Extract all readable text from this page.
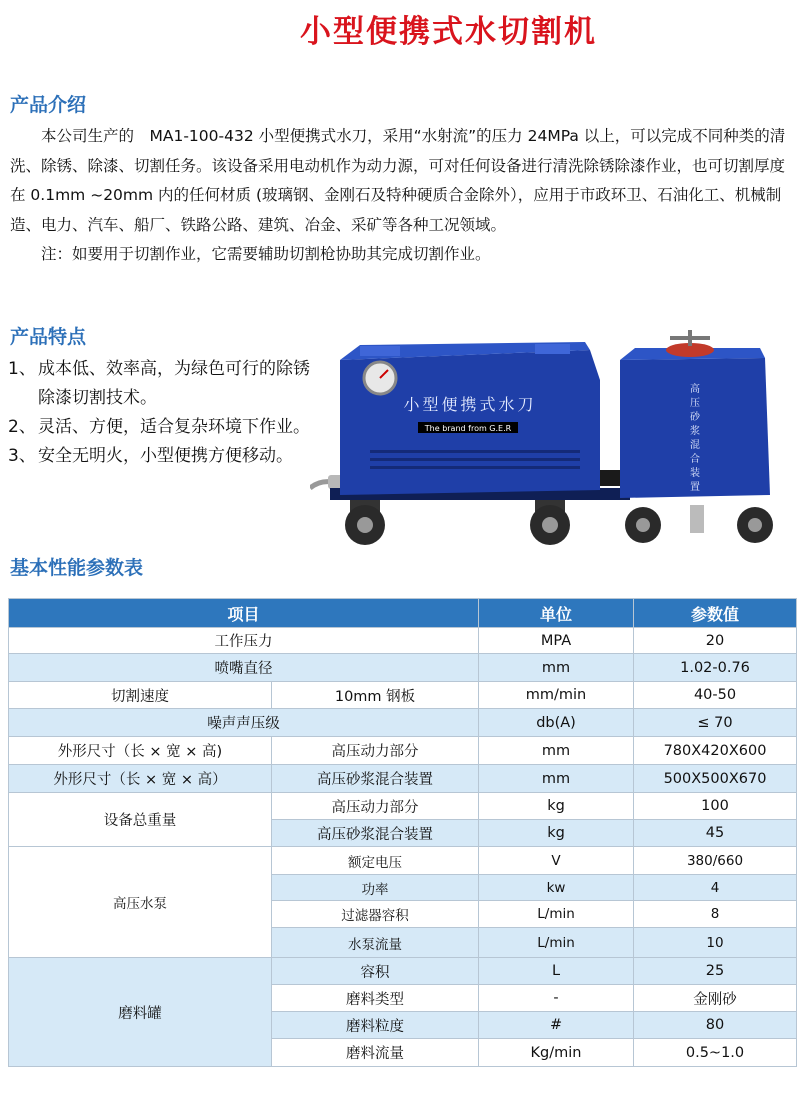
小型便携式水切割机
产品介绍

本公司生产的　MA1-100-432 小型便携式水刀，采用“水射流”的压力 24MPa 以上，可以完成不同种类的清洗、除锈、除漆、切割任务。该设备采用电动机作为动力源，可对任何设备进行清洗除锈除漆作业，也可切割厚度在 0.1mm ~20mm 内的任何材质 (玻璃钢、金刚石及特种硬质合金除外），应用于市政环卫、石油化工、机械制造、电力、汽车、船厂、铁路公路、建筑、冶金、采矿等各种工况领域。

注：如要用于切割作业，它需要辅助切割枪协助其完成切割作业。

产品特点
1、 成本低、效率高，为绿色可行的除锈除漆切割技术。
2、 灵活、方便，适合复杂环境下作业。
3、 安全无明火，小型便携方便移动。
小型便携式水刀
The brand from G.E.R
高
压
砂
浆
混
合
装
置
基本性能参数表
项目		单位	参数值
工作压力		MPA	20
喷嘴直径		mm	1.02-0.76
切割速度	10mm 钢板	mm/min	40-50
噪声声压级		db(A)	≤ 70
外形尺寸（长 × 宽 × 高)	高压动力部分	mm	780X420X600
外形尺寸（长 × 宽 × 高）	高压砂浆混合装置	mm	500X500X670
设备总重量	高压动力部分	kg	100
	高压砂浆混合装置	kg	45
高压水泵	额定电压	V	380/660
	功率	kw	4
	过滤器容积	L/min	8
	水泵流量	L/min	10
磨料罐	容积	L	25
	磨料类型	-	金刚砂
	磨料粒度	#	80
	磨料流量	Kg/min	0.5~1.0
